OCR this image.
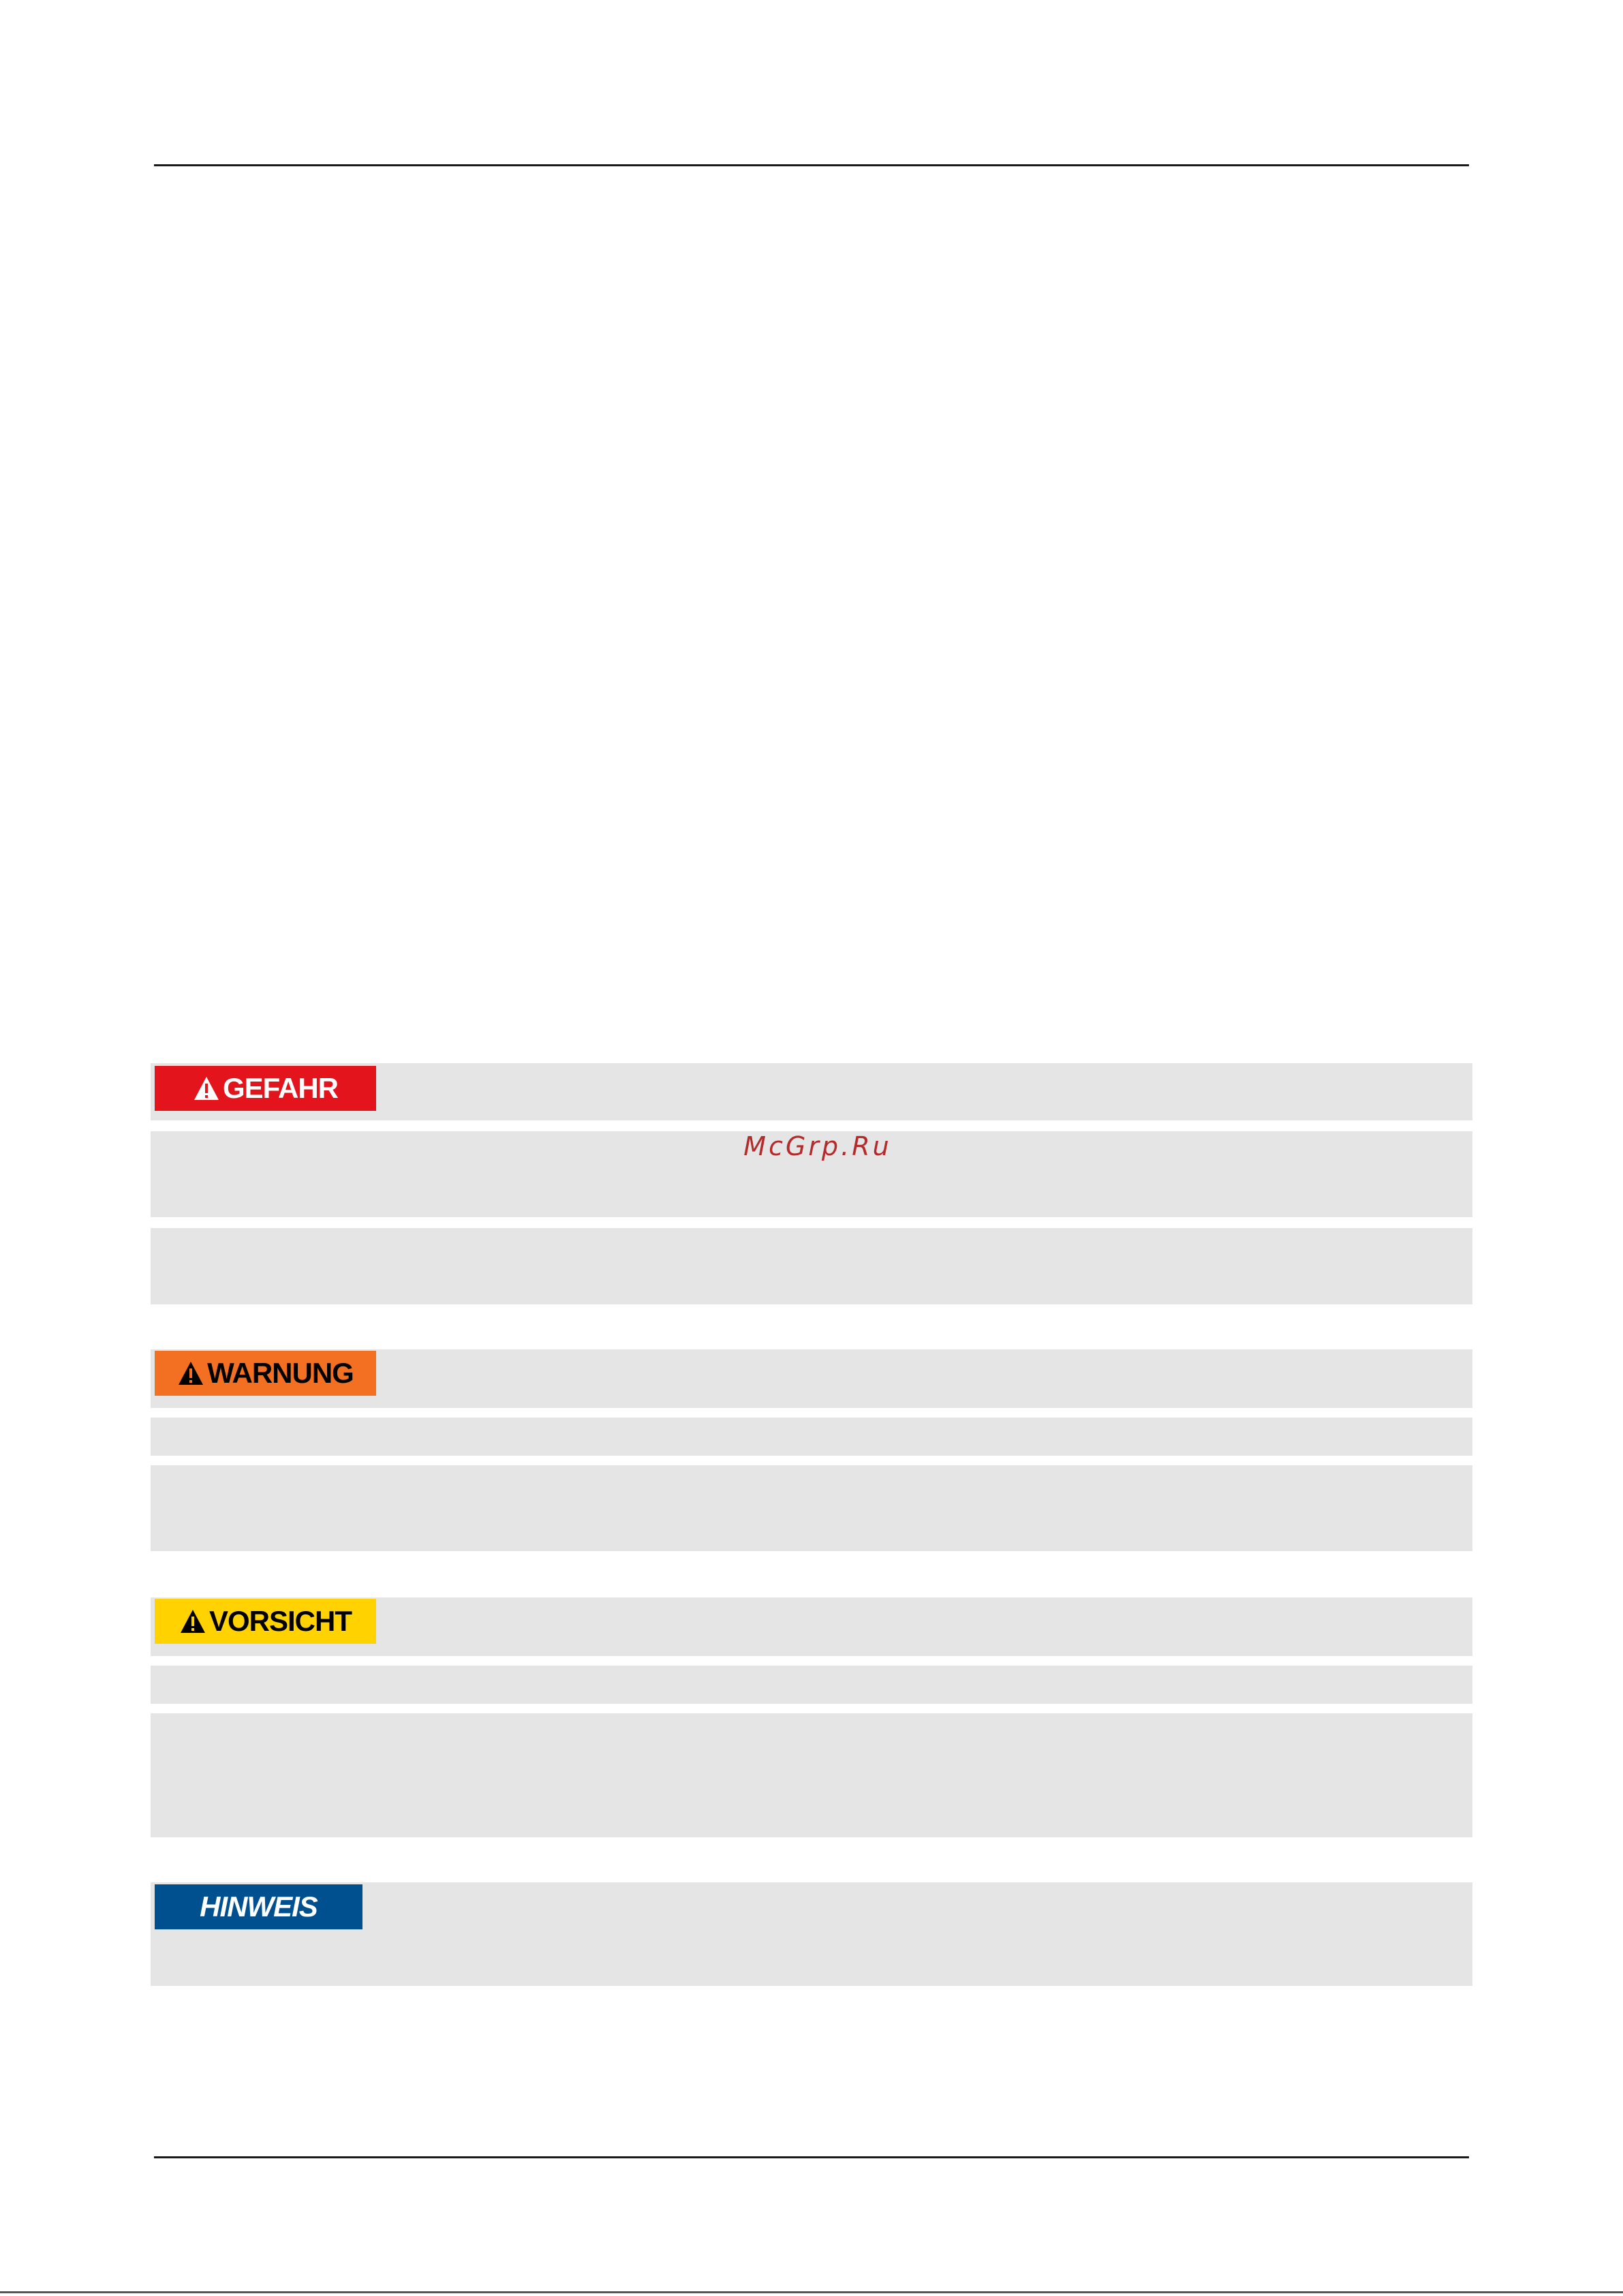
GEFAHR
McGrp.Ru
WARNUNG
VORSICHT
HINWEIS
